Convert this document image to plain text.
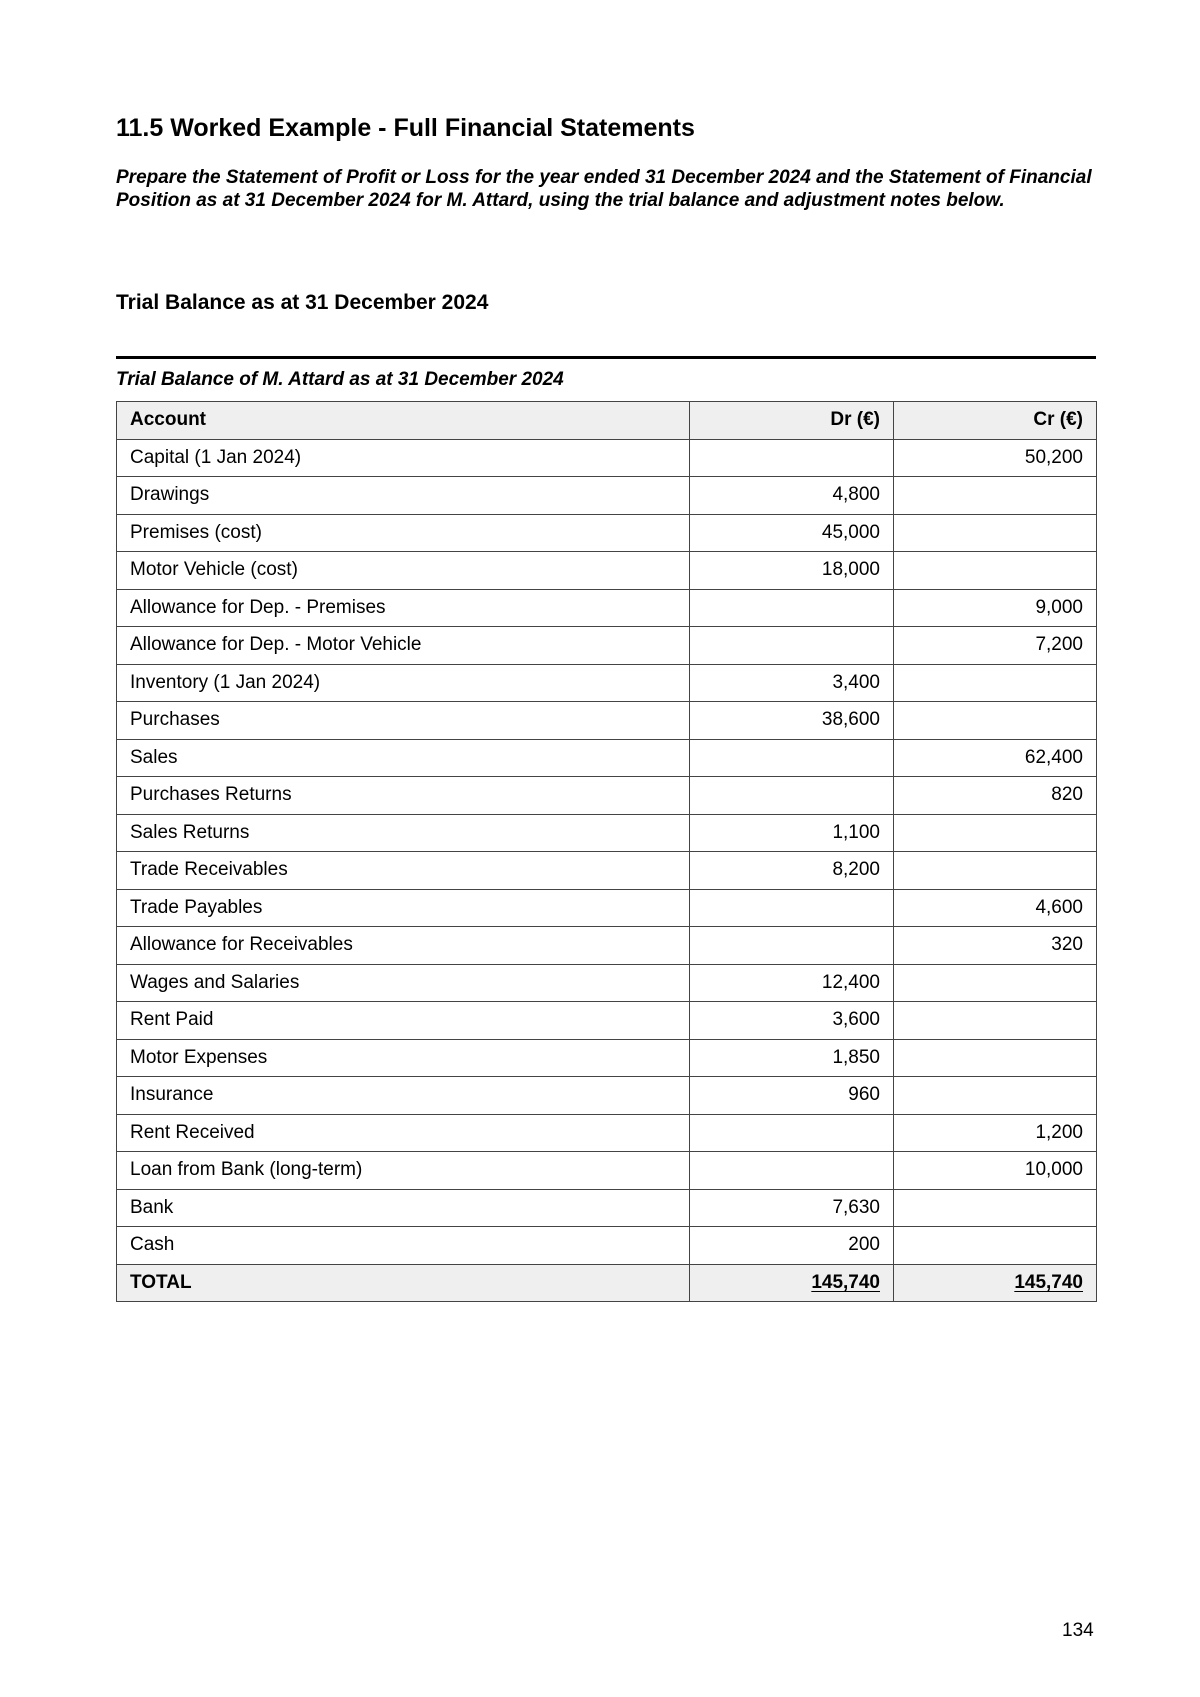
11.5 Worked Example - Full Financial Statements

Prepare the Statement of Profit or Loss for the year ended 31 December 2024 and the Statement of Financial Position as at 31 December 2024 for M. Attard, using the trial balance and adjustment notes below.

Trial Balance as at 31 December 2024

Trial Balance of M. Attard as at 31 December 2024

Account	Dr (€)	Cr (€)
Capital (1 Jan 2024)		50,200
Drawings	4,800	
Premises (cost)	45,000	
Motor Vehicle (cost)	18,000	
Allowance for Dep. - Premises		9,000
Allowance for Dep. - Motor Vehicle		7,200
Inventory (1 Jan 2024)	3,400	
Purchases	38,600	
Sales		62,400
Purchases Returns		820
Sales Returns	1,100	
Trade Receivables	8,200	
Trade Payables		4,600
Allowance for Receivables		320
Wages and Salaries	12,400	
Rent Paid	3,600	
Motor Expenses	1,850	
Insurance	960	
Rent Received		1,200
Loan from Bank (long-term)		10,000
Bank	7,630	
Cash	200	
TOTAL	145,740	145,740
134
